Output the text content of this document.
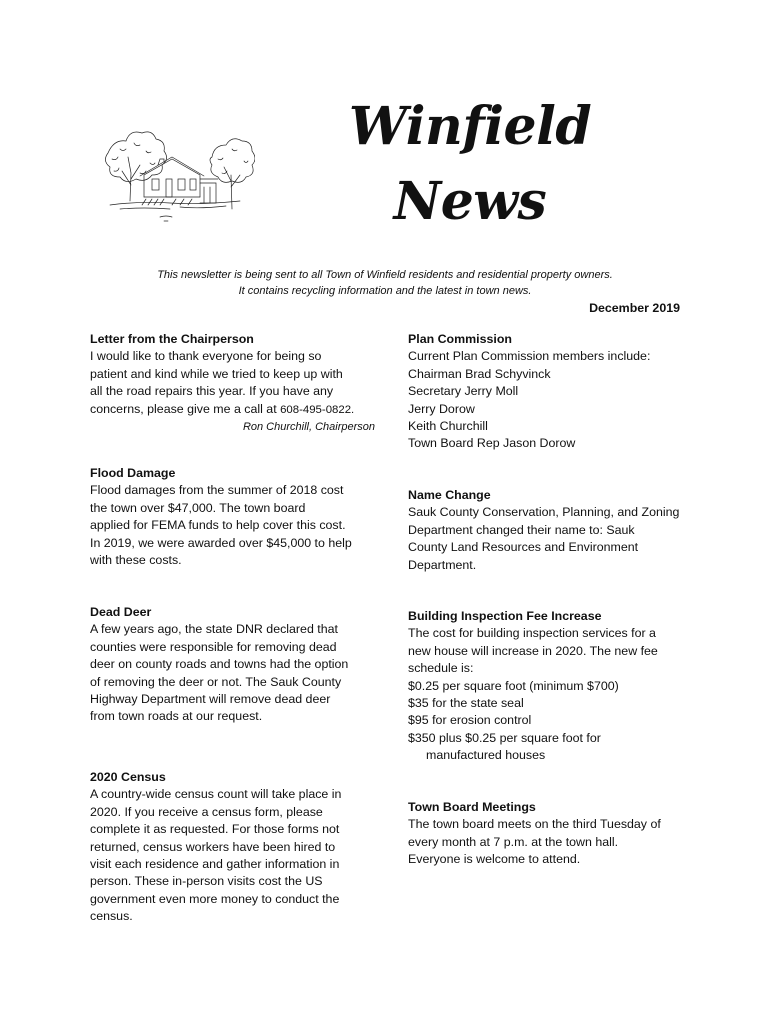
Winfield
News
This newsletter is being sent to all Town of Winfield residents and residential property owners.
It contains recycling information and the latest in town news.
December 2019
Letter from the Chairperson

I would like to thank everyone for being so
patient and kind while we tried to keep up with
all the road repairs this year. If you have any
concerns, please give me a call at 608-495-0822.

Ron Churchill, Chairperson
Flood Damage

Flood damages from the summer of 2018 cost
the town over $47,000. The town board
applied for FEMA funds to help cover this cost.
In 2019, we were awarded over $45,000 to help
with these costs.

Dead Deer

A few years ago, the state DNR declared that
counties were responsible for removing dead
deer on county roads and towns had the option
of removing the deer or not. The Sauk County
Highway Department will remove dead deer
from town roads at our request.

2020 Census

A country-wide census count will take place in
2020. If you receive a census form, please
complete it as requested. For those forms not
returned, census workers have been hired to
visit each residence and gather information in
person. These in-person visits cost the US
government even more money to conduct the
census.

Plan Commission

Current Plan Commission members include:
Chairman Brad Schyvinck
Secretary Jerry Moll
Jerry Dorow
Keith Churchill
Town Board Rep Jason Dorow

Name Change

Sauk County Conservation, Planning, and Zoning
Department changed their name to: Sauk
County Land Resources and Environment
Department.

Building Inspection Fee Increase

The cost for building inspection services for a
new house will increase in 2020. The new fee
schedule is:
$0.25 per square foot (minimum $700)
$35 for the state seal
$95 for erosion control
$350 plus $0.25 per square foot for
manufactured houses

Town Board Meetings

The town board meets on the third Tuesday of
every month at 7 p.m. at the town hall.
Everyone is welcome to attend.
